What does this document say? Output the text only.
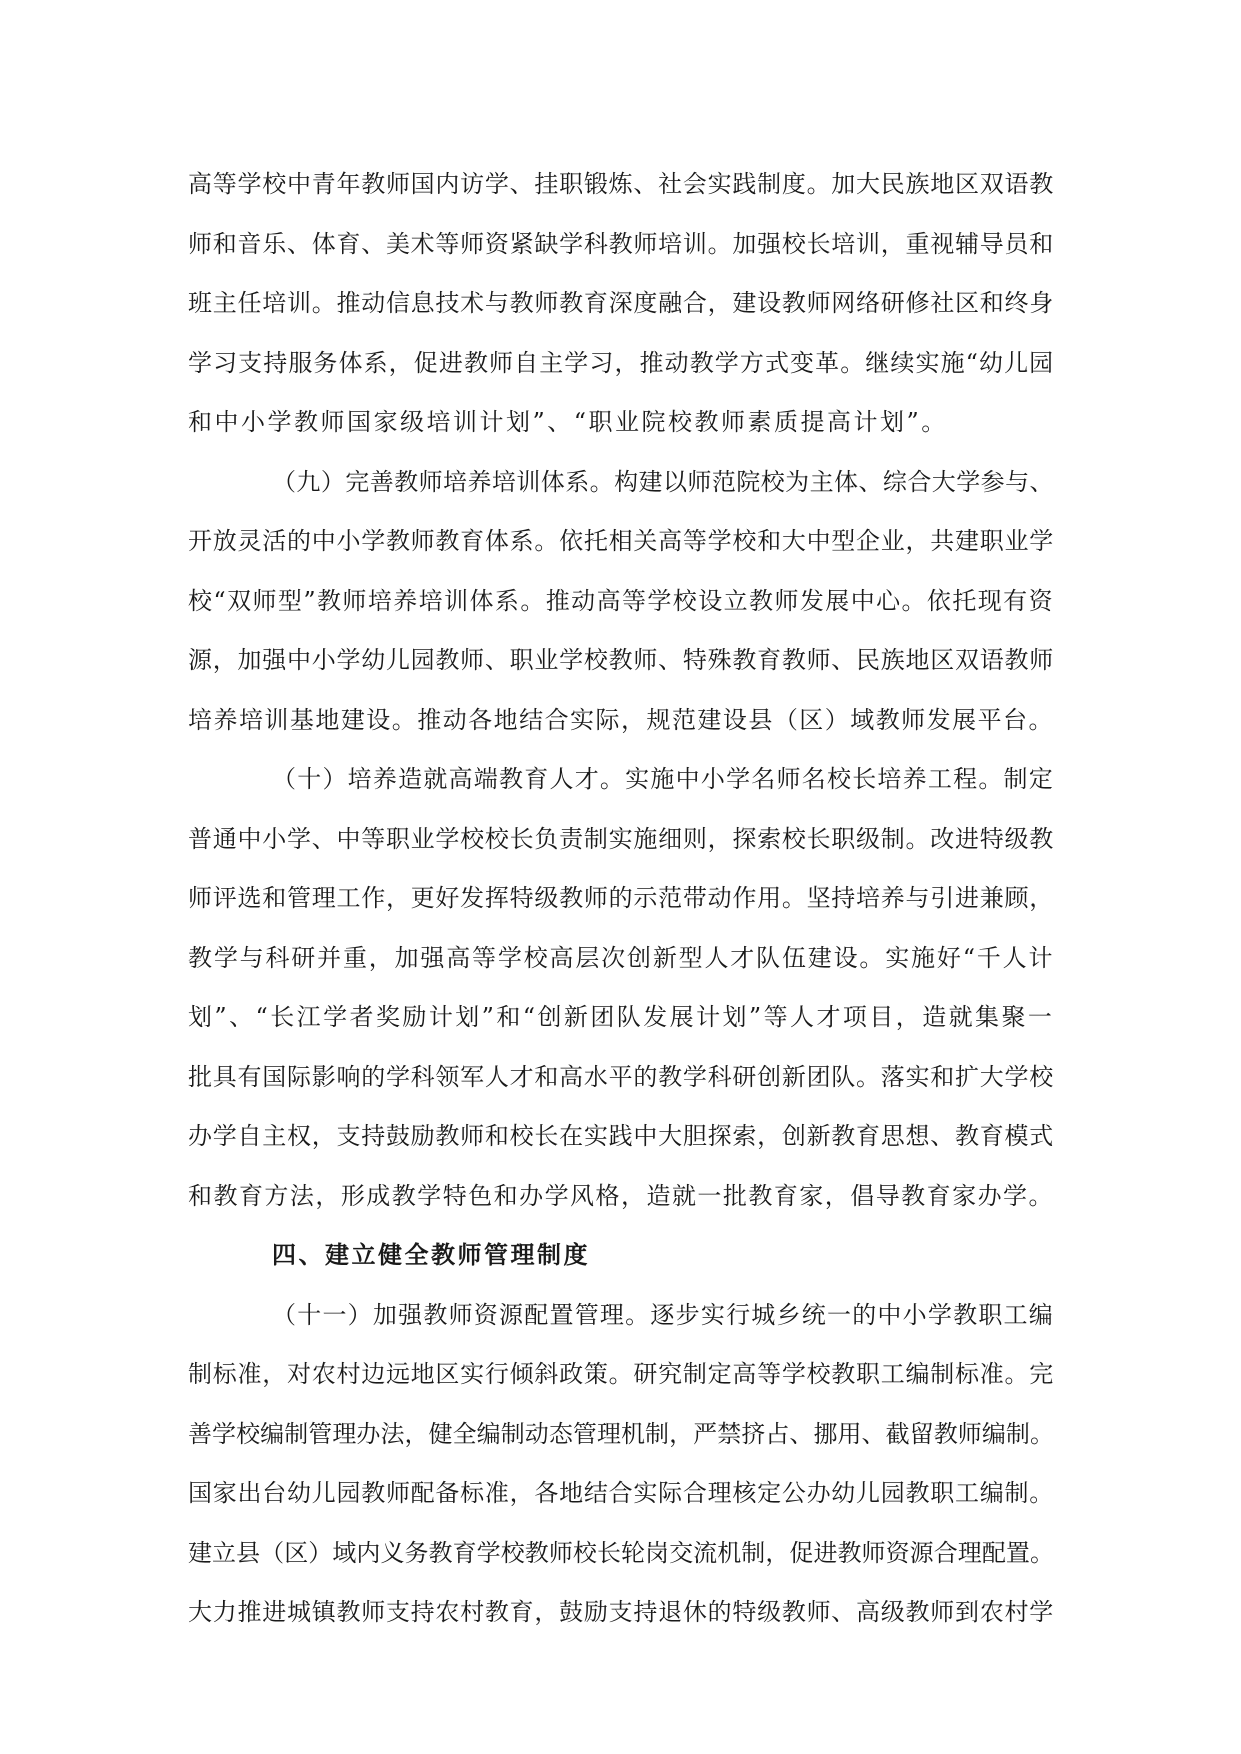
高等学校中青年教师国内访学、挂职锻炼、社会实践制度。加大民族地区双语教
师和音乐、体育、美术等师资紧缺学科教师培训。加强校长培训，重视辅导员和
班主任培训。推动信息技术与教师教育深度融合，建设教师网络研修社区和终身
学习支持服务体系，促进教师自主学习，推动教学方式变革。继续实施“幼儿园
和中小学教师国家级培训计划”、“职业院校教师素质提高计划”。
（九）完善教师培养培训体系。构建以师范院校为主体、综合大学参与、
开放灵活的中小学教师教育体系。依托相关高等学校和大中型企业，共建职业学
校“双师型”教师培养培训体系。推动高等学校设立教师发展中心。依托现有资
源，加强中小学幼儿园教师、职业学校教师、特殊教育教师、民族地区双语教师
培养培训基地建设。推动各地结合实际，规范建设县（区）域教师发展平台。
（十）培养造就高端教育人才。实施中小学名师名校长培养工程。制定
普通中小学、中等职业学校校长负责制实施细则，探索校长职级制。改进特级教
师评选和管理工作，更好发挥特级教师的示范带动作用。坚持培养与引进兼顾，
教学与科研并重，加强高等学校高层次创新型人才队伍建设。实施好“千人计
划”、“长江学者奖励计划”和“创新团队发展计划”等人才项目，造就集聚一
批具有国际影响的学科领军人才和高水平的教学科研创新团队。落实和扩大学校
办学自主权，支持鼓励教师和校长在实践中大胆探索，创新教育思想、教育模式
和教育方法，形成教学特色和办学风格，造就一批教育家，倡导教育家办学。
四、建立健全教师管理制度
（十一）加强教师资源配置管理。逐步实行城乡统一的中小学教职工编
制标准，对农村边远地区实行倾斜政策。研究制定高等学校教职工编制标准。完
善学校编制管理办法，健全编制动态管理机制，严禁挤占、挪用、截留教师编制。
国家出台幼儿园教师配备标准，各地结合实际合理核定公办幼儿园教职工编制。
建立县（区）域内义务教育学校教师校长轮岗交流机制，促进教师资源合理配置。
大力推进城镇教师支持农村教育，鼓励支持退休的特级教师、高级教师到农村学
